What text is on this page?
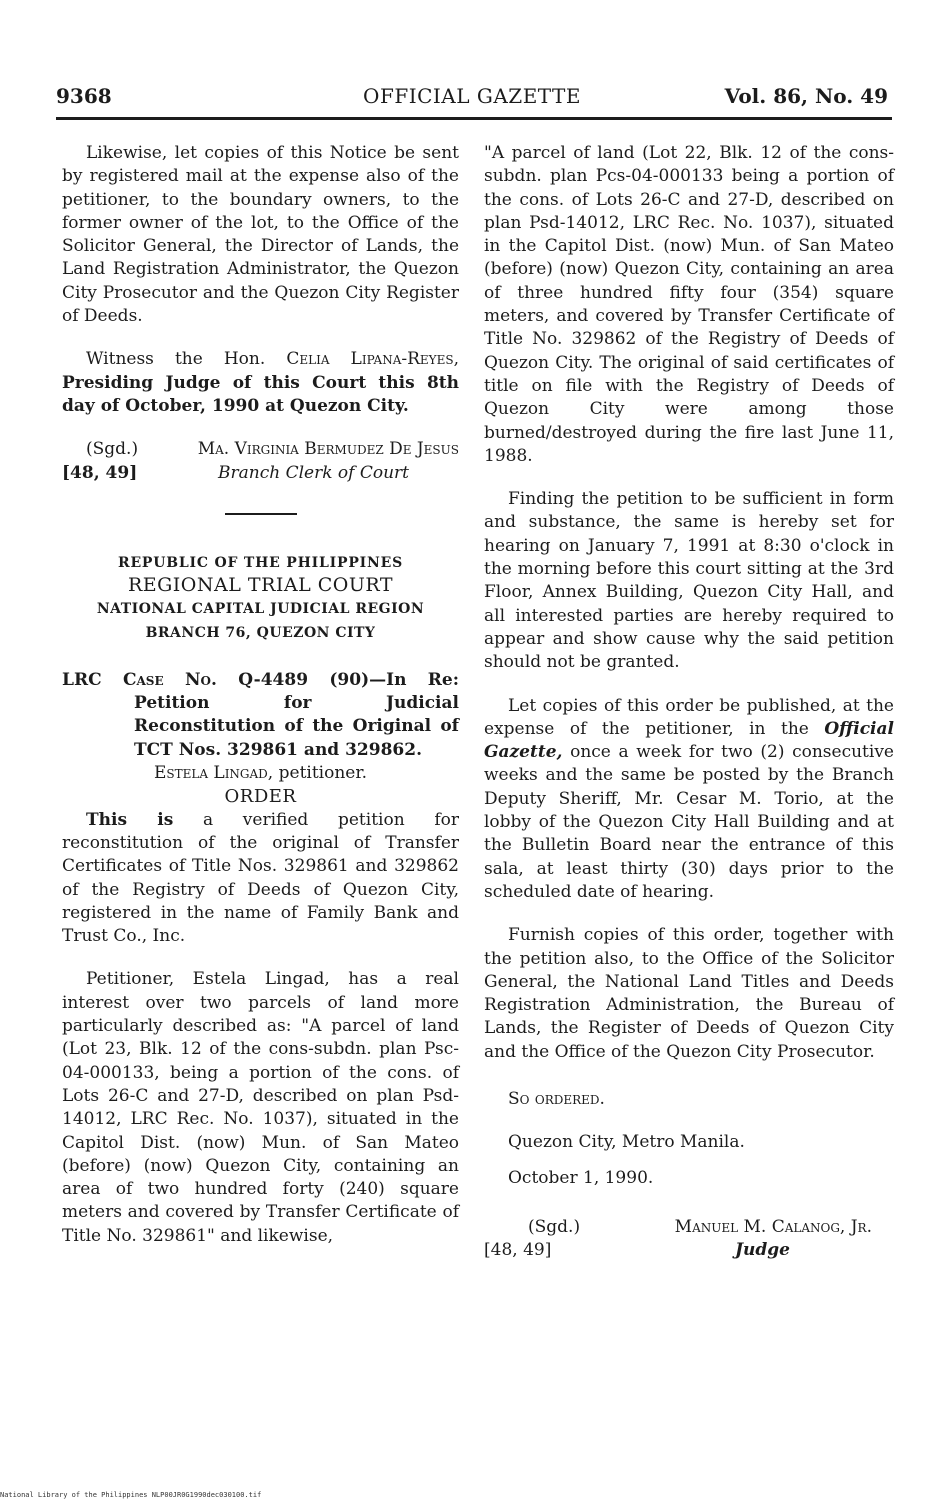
9368	OFFICIAL GAZETTE	Vol. 86, No. 49

Likewise, let copies of this Notice be sent by registered mail at the expense also of the petitioner, to the boundary owners, to the former owner of the lot, to the Office of the Solicitor General, the Director of Lands, the Land Registration Administrator, the Quezon City Prosecutor and the Quezon City Register of Deeds.

Witness the Hon. Celia Lipana-Reyes, Presiding Judge of this Court this 8th day of October, 1990 at Quezon City.

(Sgd.)	Ma. Virginia Bermudez De Jesus
[48, 49]	Branch Clerk of Court
REPUBLIC OF THE PHILIPPINES
REGIONAL TRIAL COURT
NATIONAL CAPITAL JUDICIAL REGION
BRANCH 76, QUEZON CITY

LRC Case No. Q-4489 (90)—In Re: Petition for Judicial Reconstitution of the Original of TCT Nos. 329861 and 329862.

Estela Lingad, petitioner.

ORDER

This is a verified petition for reconstitution of the original of Transfer Certificates of Title Nos. 329861 and 329862 of the Registry of Deeds of Quezon City, registered in the name of Family Bank and Trust Co., Inc.

Petitioner, Estela Lingad, has a real interest over two parcels of land more particularly described as: "A parcel of land (Lot 23, Blk. 12 of the cons-subdn. plan Psc-04-000133, being a portion of the cons. of Lots 26-C and 27-D, described on plan Psd-14012, LRC Rec. No. 1037), situated in the Capitol Dist. (now) Mun. of San Mateo (before) (now) Quezon City, containing an area of two hundred forty (240) square meters and covered by Transfer Certificate of Title No. 329861" and likewise,

"A parcel of land (Lot 22, Blk. 12 of the cons-subdn. plan Pcs-04-000133 being a portion of the cons. of Lots 26-C and 27-D, described on plan Psd-14012, LRC Rec. No. 1037), situated in the Capitol Dist. (now) Mun. of San Mateo (before) (now) Quezon City, containing an area of three hundred fifty four (354) square meters, and covered by Transfer Certificate of Title No. 329862 of the Registry of Deeds of Quezon City. The original of said certificates of title on file with the Registry of Deeds of Quezon City were among those burned/destroyed during the fire last June 11, 1988.

Finding the petition to be sufficient in form and substance, the same is hereby set for hearing on January 7, 1991 at 8:30 o'clock in the morning before this court sitting at the 3rd Floor, Annex Building, Quezon City Hall, and all interested parties are hereby required to appear and show cause why the said petition should not be granted.

Let copies of this order be published, at the expense of the petitioner, in the Official Gazette, once a week for two (2) consecutive weeks and the same be posted by the Branch Deputy Sheriff, Mr. Cesar M. Torio, at the lobby of the Quezon City Hall Building and at the Bulletin Board near the entrance of this sala, at least thirty (30) days prior to the scheduled date of hearing.

Furnish copies of this order, together with the petition also, to the Office of the Solicitor General, the National Land Titles and Deeds Registration Administration, the Bureau of Lands, the Register of Deeds of Quezon City and the Office of the Quezon City Prosecutor.

So ordered.

Quezon City, Metro Manila.

October 1, 1990.

(Sgd.)	Manuel M. Calanog, Jr.
[48, 49]	Judge
National Library of the Philippines NLP00JR0G1990dec030100.tif
